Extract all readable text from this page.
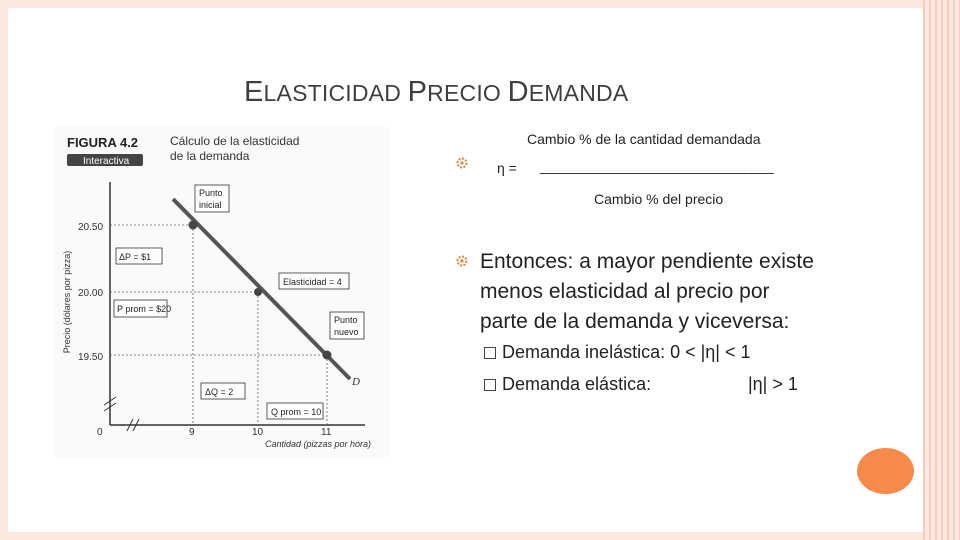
ELASTICIDAD PRECIO DEMANDA
FIGURA 4.2	Cálculo de la elasticidad
de la demanda
Interactiva
Precio (dólares por pizza)
Cantidad (pizzas por hora)
20.50
20.00
19.50
0	9	10	11
D
Punto
inicial
Punto
nuevo
Elasticidad = 4
ΔP = $1
P prom = $20
ΔQ = 2
Q prom = 10
Cambio % de la cantidad demandada
η = ________________________________
Cambio % del precio
Entonces: a mayor pendiente existe
menos elasticidad al precio por
parte de la demanda y viceversa:
Demanda inelástica: 0 < |η| < 1
Demanda elástica:	|η| > 1
